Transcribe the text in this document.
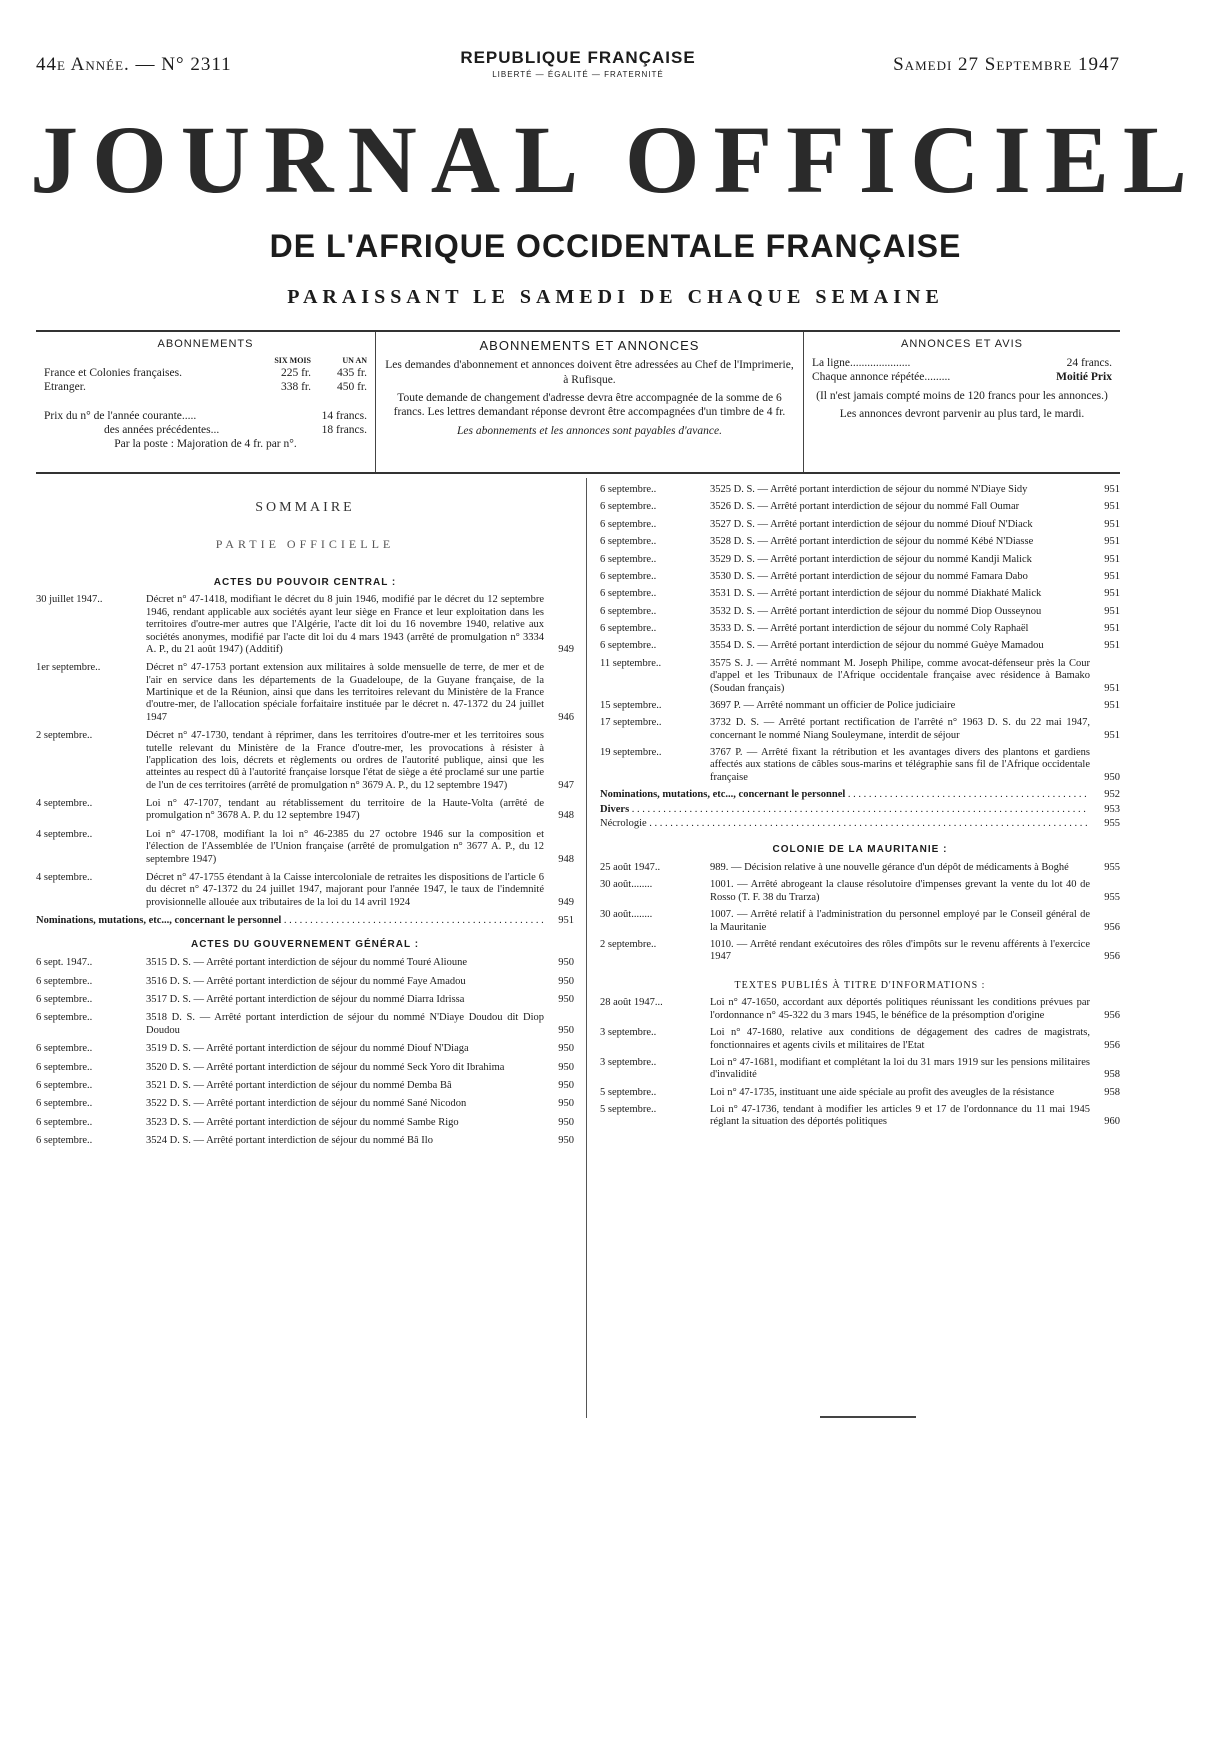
44e Année. — N° 2311	REPUBLIQUE FRANÇAISE
LIBERTÉ — ÉGALITÉ — FRATERNITÉ	Samedi 27 Septembre 1947
JOURNAL OFFICIEL
DE L'AFRIQUE OCCIDENTALE FRANÇAISE
PARAISSANT LE SAMEDI DE CHAQUE SEMAINE
ABONNEMENTS
SIX MOIS	UN AN
France et Colonies françaises.	225 fr.	435 fr.
Etranger.	338 fr.	450 fr.
Prix du n° de l'année courante.....	14 francs.
des années précédentes...	18 francs.
Par la poste : Majoration de 4 fr. par n°.
ABONNEMENTS ET ANNONCES

Les demandes d'abonnement et annonces doivent être adressées au Chef de l'Imprimerie, à Rufisque.

Toute demande de changement d'adresse devra être accompagnée de la somme de 6 francs. Les lettres demandant réponse devront être accompagnées d'un timbre de 4 fr.

Les abonnements et les annonces sont payables d'avance.

ANNONCES ET AVIS
La ligne.....................	24 francs.
Chaque annonce répétée.........	Moitié Prix

(Il n'est jamais compté moins de 120 francs pour les annonces.)

Les annonces devront parvenir au plus tard, le mardi.

SOMMAIRE
PARTIE OFFICIELLE
ACTES DU POUVOIR CENTRAL :
30 juillet 1947..	Décret n° 47-1418, modifiant le décret du 8 juin 1946, modifié par le décret du 12 septembre 1946, rendant applicable aux sociétés ayant leur siège en France et leur exploitation dans les territoires d'outre-mer autres que l'Algérie, l'acte dit loi du 16 novembre 1940, relative aux sociétés anonymes, modifié par l'acte dit loi du 4 mars 1943 (arrêté de promulgation n° 3334 A. P., du 21 août 1947) (Additif)	949
1er septembre..	Décret n° 47-1753 portant extension aux militaires à solde mensuelle de terre, de mer et de l'air en service dans les départements de la Guadeloupe, de la Guyane française, de la Martinique et de la Réunion, ainsi que dans les territoires relevant du Ministère de la France d'outre-mer, de l'allocation spéciale forfaitaire instituée par le décret n. 47-1372 du 24 juillet 1947	946
2 septembre..	Décret n° 47-1730, tendant à réprimer, dans les territoires d'outre-mer et les territoires sous tutelle relevant du Ministère de la France d'outre-mer, les provocations à résister à l'application des lois, décrets et règlements ou ordres de l'autorité publique, ainsi que les atteintes au respect dû à l'autorité française lorsque l'état de siège a été proclamé sur une partie de l'un de ces territoires (arrêté de promulgation n° 3679 A. P., du 12 septembre 1947)	947
4 septembre..	Loi n° 47-1707, tendant au rétablissement du territoire de la Haute-Volta (arrêté de promulgation n° 3678 A. P. du 12 septembre 1947)	948
4 septembre..	Loi n° 47-1708, modifiant la loi n° 46-2385 du 27 octobre 1946 sur la composition et l'élection de l'Assemblée de l'Union française (arrêté de promulgation n° 3677 A. P., du 12 septembre 1947)	948
4 septembre..	Décret n° 47-1755 étendant à la Caisse intercoloniale de retraites les dispositions de l'article 6 du décret n° 47-1372 du 24 juillet 1947, majorant pour l'année 1947, le taux de l'indemnité provisionnelle allouée aux tributaires de la loi du 14 avril 1924	949
Nominations, mutations, etc..., concernant le personnel . . .	951
ACTES DU GOUVERNEMENT GÉNÉRAL :
6 sept. 1947..	3515 D. S. — Arrêté portant interdiction de séjour du nommé Touré Alioune	950
6 septembre..	3516 D. S. — Arrêté portant interdiction de séjour du nommé Faye Amadou	950
6 septembre..	3517 D. S. — Arrêté portant interdiction de séjour du nommé Diarra Idrissa	950
6 septembre..	3518 D. S. — Arrêté portant interdiction de séjour du nommé N'Diaye Doudou dit Diop Doudou	950
6 septembre..	3519 D. S. — Arrêté portant interdiction de séjour du nommé Diouf N'Diaga	950
6 septembre..	3520 D. S. — Arrêté portant interdiction de séjour du nommé Seck Yoro dit Ibrahima	950
6 septembre..	3521 D. S. — Arrêté portant interdiction de séjour du nommé Demba Bâ	950
6 septembre..	3522 D. S. — Arrêté portant interdiction de séjour du nommé Sané Nicodon	950
6 septembre..	3523 D. S. — Arrêté portant interdiction de séjour du nommé Sambe Rigo	950
6 septembre..	3524 D. S. — Arrêté portant interdiction de séjour du nommé Bâ Ilo	950
6 septembre..	3525 D. S. — Arrêté portant interdiction de séjour du nommé N'Diaye Sidy	951
6 septembre..	3526 D. S. — Arrêté portant interdiction de séjour du nommé Fall Oumar	951
6 septembre..	3527 D. S. — Arrêté portant interdiction de séjour du nommé Diouf N'Diack	951
6 septembre..	3528 D. S. — Arrêté portant interdiction de séjour du nommé Kébé N'Diasse	951
6 septembre..	3529 D. S. — Arrêté portant interdiction de séjour du nommé Kandji Malick	951
6 septembre..	3530 D. S. — Arrêté portant interdiction de séjour du nommé Famara Dabo	951
6 septembre..	3531 D. S. — Arrêté portant interdiction de séjour du nommé Diakhaté Malick	951
6 septembre..	3532 D. S. — Arrêté portant interdiction de séjour du nommé Diop Ousseynou	951
6 septembre..	3533 D. S. — Arrêté portant interdiction de séjour du nommé Coly Raphaël	951
6 septembre..	3554 D. S. — Arrêté portant interdiction de séjour du nommé Guèye Mamadou	951
11 septembre..	3575 S. J. — Arrêté nommant M. Joseph Philipe, comme avocat-défenseur près la Cour d'appel et les Tribunaux de l'Afrique occidentale française avec résidence à Bamako (Soudan français)	951
15 septembre..	3697 P. — Arrêté nommant un officier de Police judiciaire	951
17 septembre..	3732 D. S. — Arrêté portant rectification de l'arrêté n° 1963 D. S. du 22 mai 1947, concernant le nommé Niang Souleymane, interdit de séjour	951
19 septembre..	3767 P. — Arrêté fixant la rétribution et les avantages divers des plantons et gardiens affectés aux stations de câbles sous-marins et télégraphie sans fil de l'Afrique occidentale française	950
Nominations, mutations, etc..., concernant le personnel . . .	952
Divers . . .	953
Nécrologie . . .	955
COLONIE DE LA MAURITANIE :
25 août 1947..	989. — Décision relative à une nouvelle gérance d'un dépôt de médicaments à Boghé	955
30 août........	1001. — Arrêté abrogeant la clause résolutoire d'impenses grevant la vente du lot 40 de Rosso (T. F. 38 du Trarza)	955
30 août........	1007. — Arrêté relatif à l'administration du personnel employé par le Conseil général de la Mauritanie	956
2 septembre..	1010. — Arrêté rendant exécutoires des rôles d'impôts sur le revenu afférents à l'exercice 1947	956
TEXTES PUBLIÉS À TITRE D'INFORMATIONS :
28 août 1947...	Loi n° 47-1650, accordant aux déportés politiques réunissant les conditions prévues par l'ordonnance n° 45-322 du 3 mars 1945, le bénéfice de la présomption d'origine	956
3 septembre..	Loi n° 47-1680, relative aux conditions de dégagement des cadres de magistrats, fonctionnaires et agents civils et militaires de l'Etat	956
3 septembre..	Loi n° 47-1681, modifiant et complétant la loi du 31 mars 1919 sur les pensions militaires d'invalidité	958
5 septembre..	Loi n° 47-1735, instituant une aide spéciale au profit des aveugles de la résistance	958
5 septembre..	Loi n° 47-1736, tendant à modifier les articles 9 et 17 de l'ordonnance du 11 mai 1945 réglant la situation des déportés politiques	960
